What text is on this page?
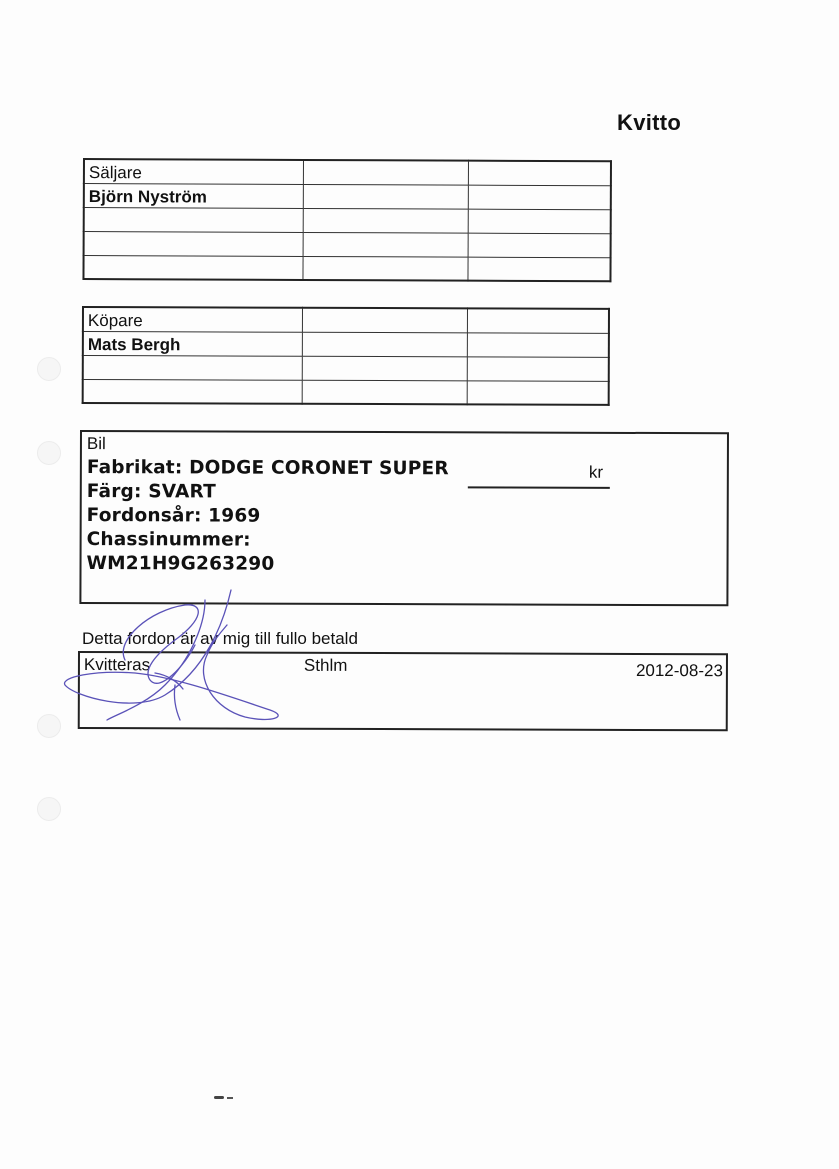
Kvitto
Säljare		
Björn Nyström		

Köpare		
Mats Bergh		

Bil
Fabrikat: DODGE CORONET SUPER
Färg: SVART
Fordonsår: 1969
Chassinummer:
WM21H9G263290
kr
Detta fordon är av mig till fullo betald
Kvitteras	Sthlm	2012-08-23
